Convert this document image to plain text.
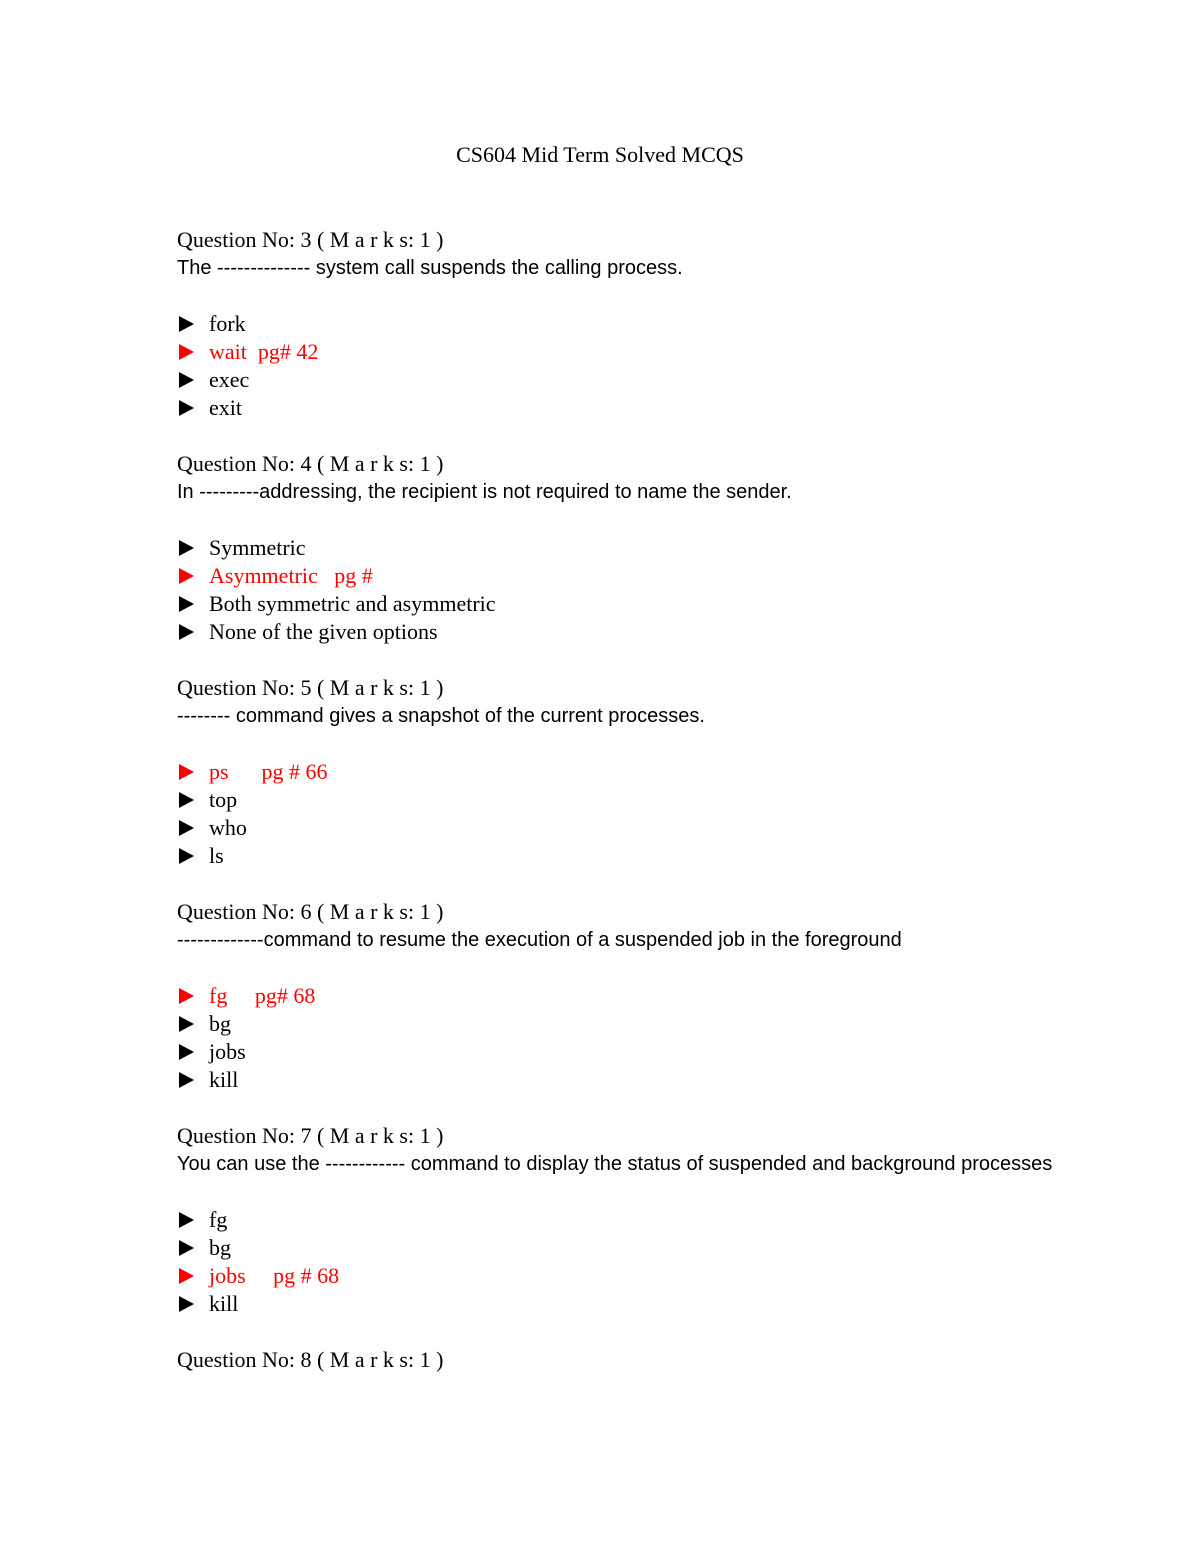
CS604 Mid Term Solved MCQS
Question No: 3 ( M a r k s: 1 )
The -------------- system call suspends the calling process.
fork
wait  pg# 42
exec
exit
Question No: 4 ( M a r k s: 1 )
In ---------addressing, the recipient is not required to name the sender.
Symmetric
Asymmetric   pg #
Both symmetric and asymmetric
None of the given options
Question No: 5 ( M a r k s: 1 )
-------- command gives a snapshot of the current processes.
ps      pg # 66
top
who
ls
Question No: 6 ( M a r k s: 1 )
-------------command to resume the execution of a suspended job in the foreground
fg     pg# 68
bg
jobs
kill
Question No: 7 ( M a r k s: 1 )
You can use the ------------ command to display the status of suspended and background processes
fg
bg
jobs     pg # 68
kill
Question No: 8 ( M a r k s: 1 )
